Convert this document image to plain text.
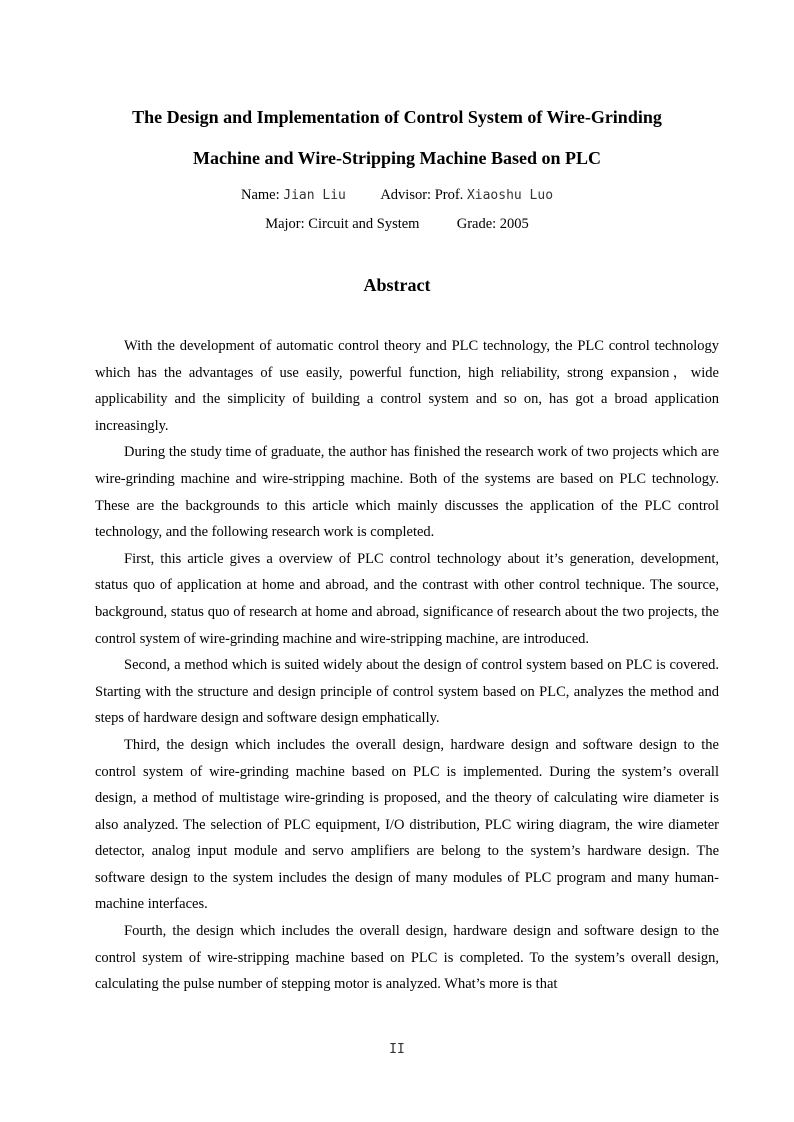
The Design and Implementation of Control System of Wire-Grinding
Machine and Wire-Stripping Machine Based on PLC
Name: Jian Liu Advisor: Prof. Xiaoshu Luo
Major: Circuit and System	Grade: 2005
Abstract

With the development of automatic control theory and PLC technology, the PLC control technology which has the advantages of use easily, powerful function, high reliability, strong expansion，wide applicability and the simplicity of building a control system and so on, has got a broad application increasingly.

During the study time of graduate, the author has finished the research work of two projects which are wire-grinding machine and wire-stripping machine. Both of the systems are based on PLC technology. These are the backgrounds to this article which mainly discusses the application of the PLC control technology, and the following research work is completed.

First, this article gives a overview of PLC control technology about it’s generation, development, status quo of application at home and abroad, and the contrast with other control technique. The source, background, status quo of research at home and abroad, significance of research about the two projects, the control system of wire-grinding machine and wire-stripping machine, are introduced.

Second, a method which is suited widely about the design of control system based on PLC is covered. Starting with the structure and design principle of control system based on PLC, analyzes the method and steps of hardware design and software design emphatically.

Third, the design which includes the overall design, hardware design and software design to the control system of wire-grinding machine based on PLC is implemented. During the system’s overall design, a method of multistage wire-grinding is proposed, and the theory of calculating wire diameter is also analyzed. The selection of PLC equipment, I/O distribution, PLC wiring diagram, the wire diameter detector, analog input module and servo amplifiers are belong to the system’s hardware design. The software design to the system includes the design of many modules of PLC program and many human-machine interfaces.

Fourth, the design which includes the overall design, hardware design and software design to the control system of wire-stripping machine based on PLC is completed. To the system’s overall design, calculating the pulse number of stepping motor is analyzed. What’s more is that

II
